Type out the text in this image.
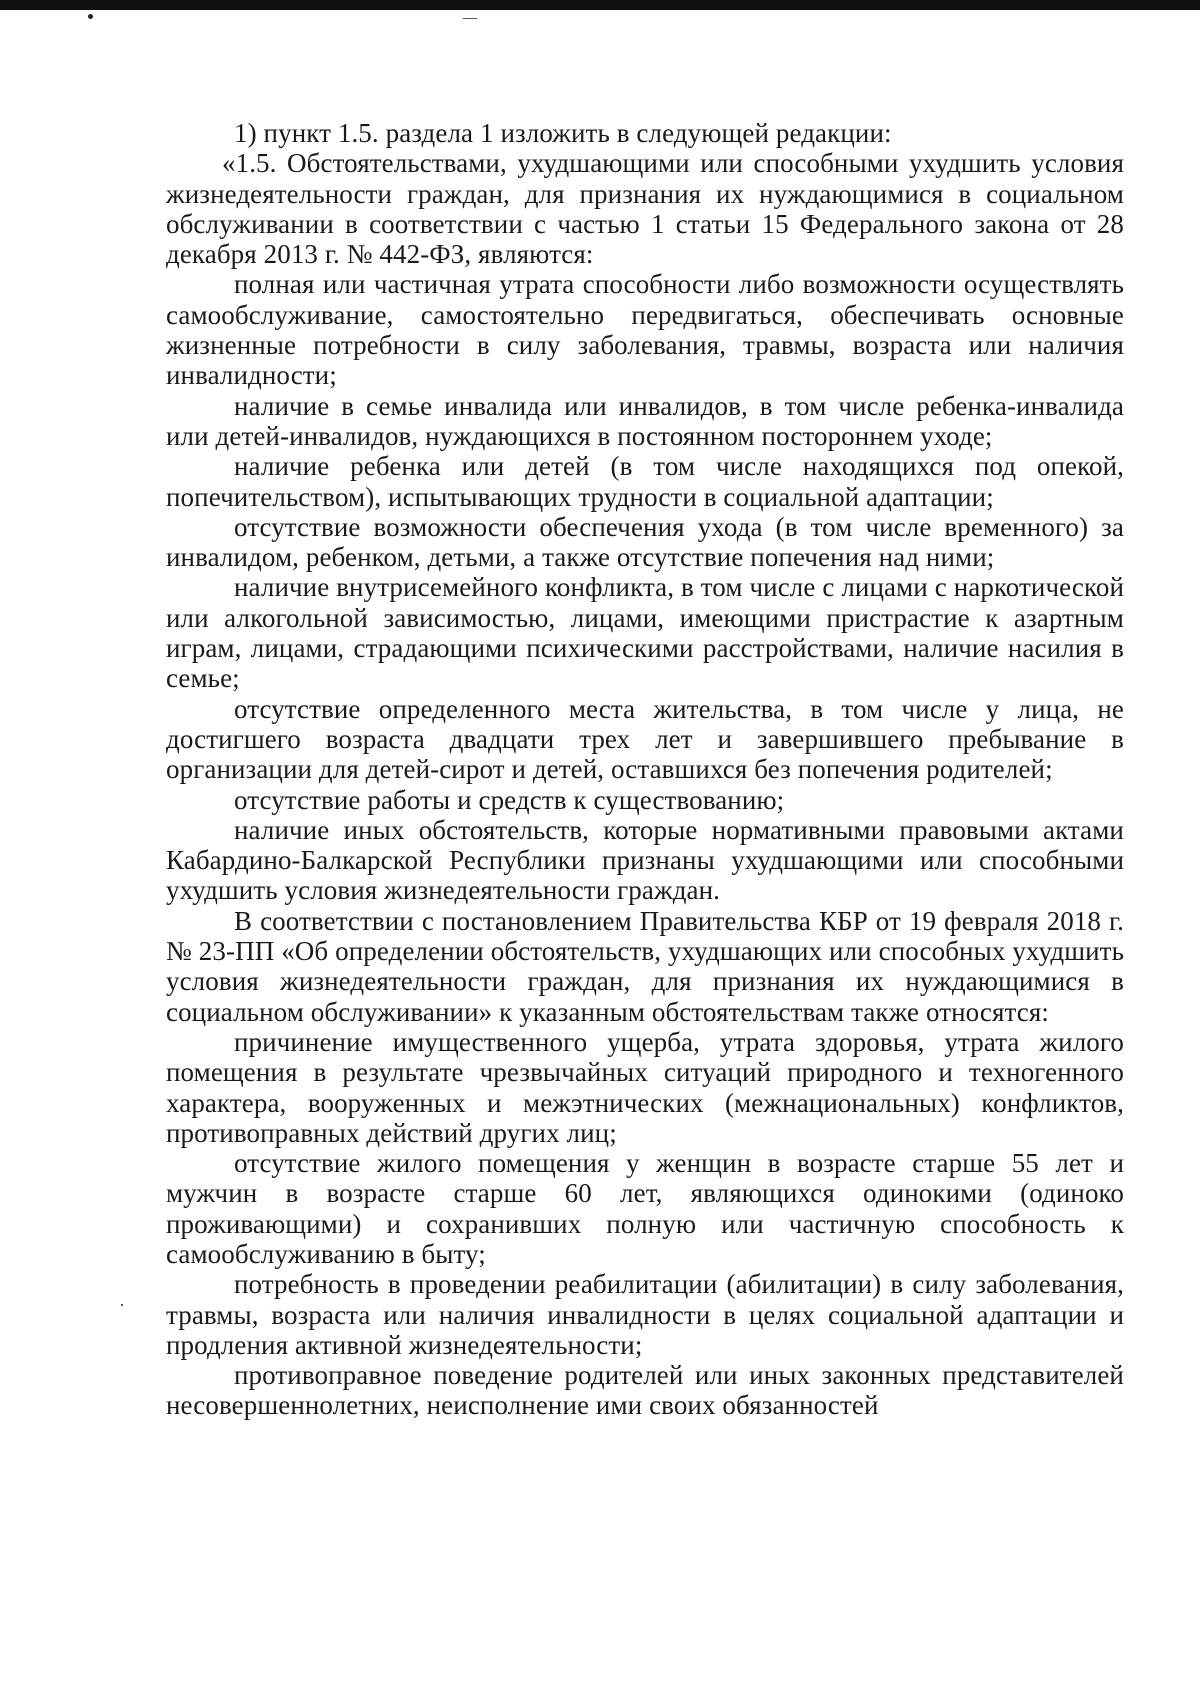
1) пункт 1.5. раздела 1 изложить в следующей редакции:

«1.5. Обстоятельствами, ухудшающими или способными ухудшить условия жизнедеятельности граждан, для признания их нуждающимися в социальном обслуживании в соответствии с частью 1 статьи 15 Федерального закона от 28 декабря 2013 г. № 442-ФЗ, являются:

полная или частичная утрата способности либо возможности осуществлять самообслуживание, самостоятельно передвигаться, обеспечивать основные жизненные потребности в силу заболевания, травмы, возраста или наличия инвалидности;

наличие в семье инвалида или инвалидов, в том числе ребенка-инвалида или детей-инвалидов, нуждающихся в постоянном постороннем уходе;

наличие ребенка или детей (в том числе находящихся под опекой, попечительством), испытывающих трудности в социальной адаптации;

отсутствие возможности обеспечения ухода (в том числе временного) за инвалидом, ребенком, детьми, а также отсутствие попечения над ними;

наличие внутрисемейного конфликта, в том числе с лицами с наркотической или алкогольной зависимостью, лицами, имеющими пристрастие к азартным играм, лицами, страдающими психическими расстройствами, наличие насилия в семье;

отсутствие определенного места жительства, в том числе у лица, не достигшего возраста двадцати трех лет и завершившего пребывание в организации для детей-сирот и детей, оставшихся без попечения родителей;

отсутствие работы и средств к существованию;

наличие иных обстоятельств, которые нормативными правовыми актами Кабардино-Балкарской Республики признаны ухудшающими или способными ухудшить условия жизнедеятельности граждан.

В соответствии с постановлением Правительства КБР от 19 февраля 2018 г. № 23-ПП «Об определении обстоятельств, ухудшающих или способных ухудшить условия жизнедеятельности граждан, для признания их нуждающимися в социальном обслуживании» к указанным обстоятельствам также относятся:

причинение имущественного ущерба, утрата здоровья, утрата жилого помещения в результате чрезвычайных ситуаций природного и техногенного характера, вооруженных и межэтнических (межнациональных) конфликтов, противоправных действий других лиц;

отсутствие жилого помещения у женщин в возрасте старше 55 лет и мужчин в возрасте старше 60 лет, являющихся одинокими (одиноко проживающими) и сохранивших полную или частичную способность к самообслуживанию в быту;

потребность в проведении реабилитации (абилитации) в силу заболевания, травмы, возраста или наличия инвалидности в целях социальной адаптации и продления активной жизнедеятельности;

противоправное поведение родителей или иных законных представителей несовершеннолетних, неисполнение ими своих обязанностей
